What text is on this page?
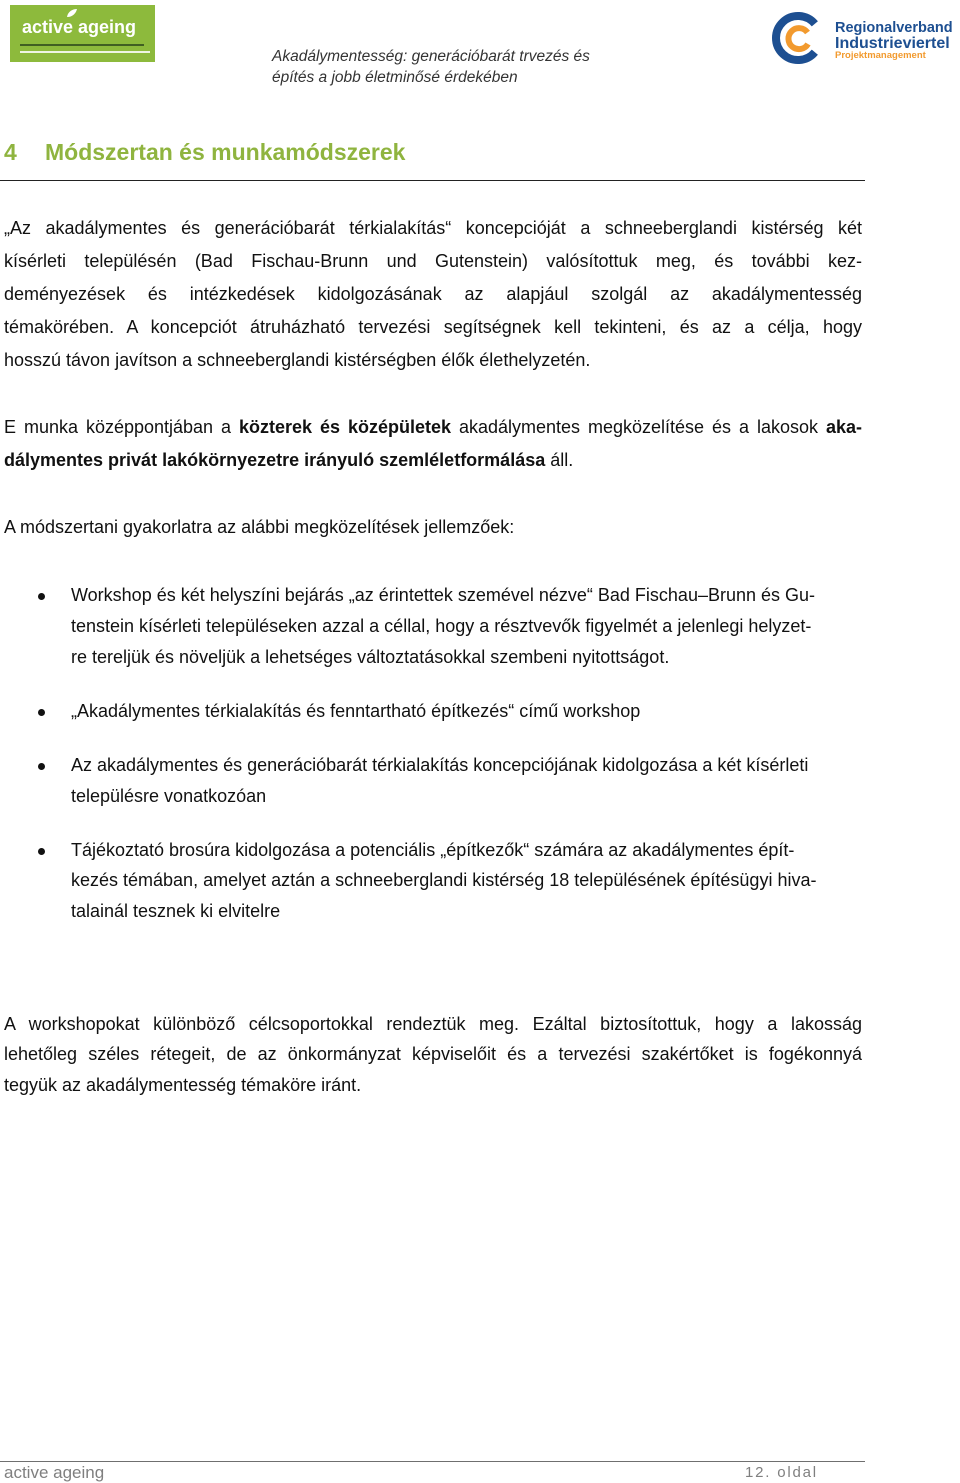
active ageing
Akadálymentesség: generációbarát trvezés és
építés a jobb életminősé érdekében
Regionalverband
Industrieviertel
Projektmanagement
4 Módszertan és munkamódszerek
„Az akadálymentes és generációbarát térkialakítás“ koncepcióját a schneeberglandi kistérség két
kísérleti településén (Bad Fischau-Brunn und Gutenstein) valósítottuk meg, és további kez-
deményezések és intézkedések kidolgozásának az alapjául szolgál az akadálymentesség
témakörében. A koncepciót átruházható tervezési segítségnek kell tekinteni, és az a célja, hogy
hosszú távon javítson a schneeberglandi kistérségben élők élethelyzetén.
E munka középpontjában a közterek és középületek akadálymentes megközelítése és a lakosok aka-
dálymentes privát lakókörnyezetre irányuló szemléletformálása áll.
A módszertani gyakorlatra az alábbi megközelítések jellemzőek:
Workshop és két helyszíni bejárás „az érintettek szemével nézve“ Bad Fischau–Brunn és Gu-
tenstein kísérleti településeken azzal a céllal, hogy a résztvevők figyelmét a jelenlegi helyzet-
re tereljük és növeljük a lehetséges változtatásokkal szembeni nyitottságot.
„Akadálymentes térkialakítás és fenntartható építkezés“ című workshop
Az akadálymentes és generációbarát térkialakítás koncepciójának kidolgozása a két kísérleti
településre vonatkozóan
Tájékoztató brosúra kidolgozása a potenciális „építkezők“ számára az akadálymentes épít-
kezés témában, amelyet aztán a schneeberglandi kistérség 18 településének építésügyi hiva-
talainál tesznek ki elvitelre
A workshopokat különböző célcsoportokkal rendeztük meg. Ezáltal biztosítottuk, hogy a lakosság
lehetőleg széles rétegeit, de az önkormányzat képviselőit és a tervezési szakértőket is fogékonnyá
tegyük az akadálymentesség témaköre iránt.
active ageing	12. oldal
